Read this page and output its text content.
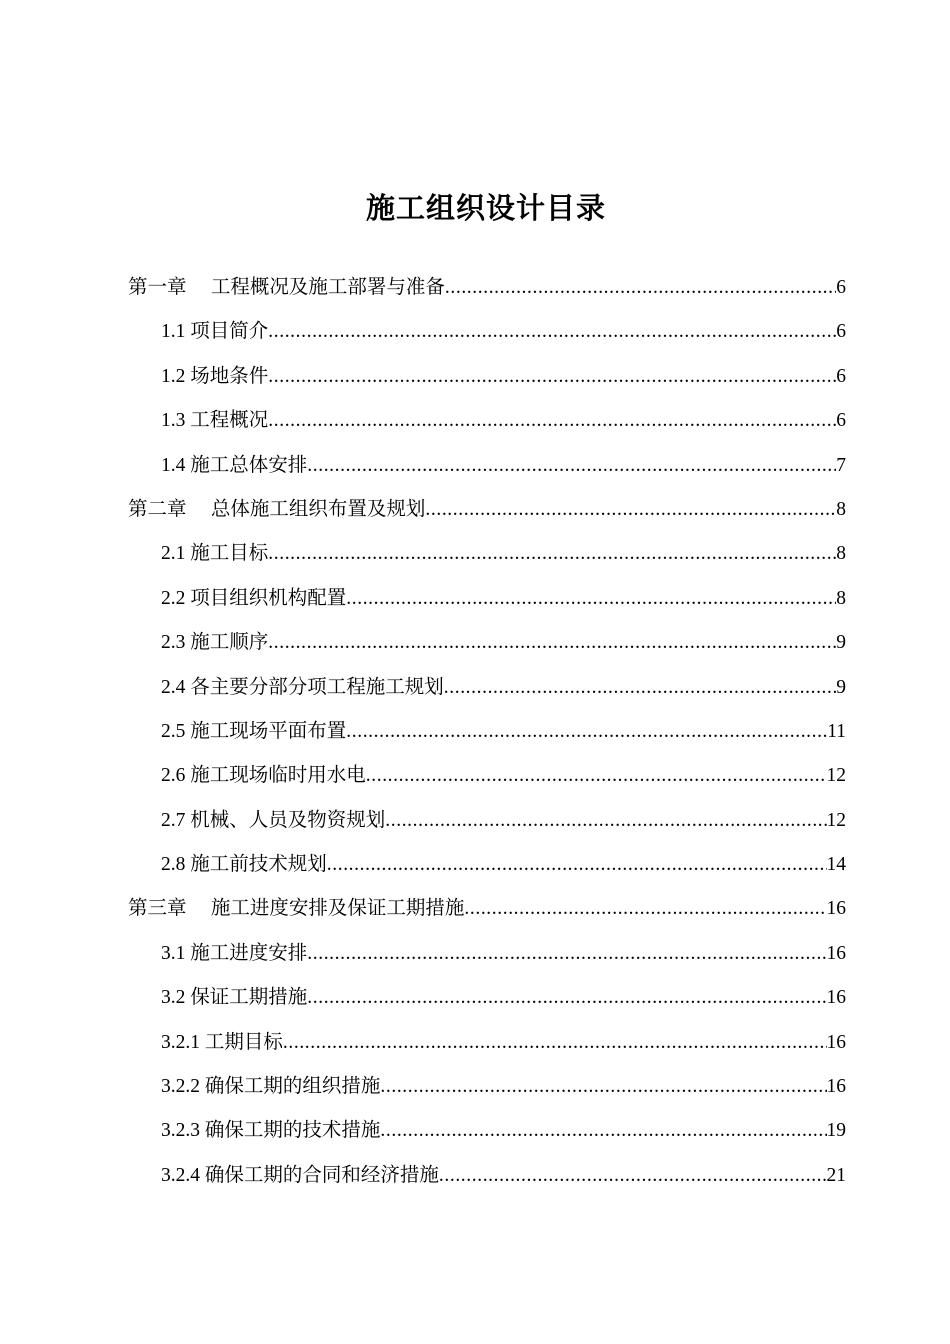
施工组织设计目录
第一章　 工程概况及施工部署与准备 .....	6
1.1 项目简介 .....	6
1.2 场地条件 .....	6
1.3 工程概况 .....	6
1.4 施工总体安排 .....	7
第二章　 总体施工组织布置及规划 .....	8
2.1 施工目标 .....	8
2.2 项目组织机构配置 .....	8
2.3 施工顺序 .....	9
2.4 各主要分部分项工程施工规划 .....	9
2.5 施工现场平面布置 .....	11
2.6 施工现场临时用水电 .....	12
2.7 机械、人员及物资规划 .....	12
2.8 施工前技术规划 .....	14
第三章　 施工进度安排及保证工期措施 .....	16
3.1 施工进度安排 .....	16
3.2 保证工期措施 .....	16
3.2.1 工期目标 .....	16
3.2.2 确保工期的组织措施 .....	16
3.2.3 确保工期的技术措施 .....	19
3.2.4 确保工期的合同和经济措施 .....	21
